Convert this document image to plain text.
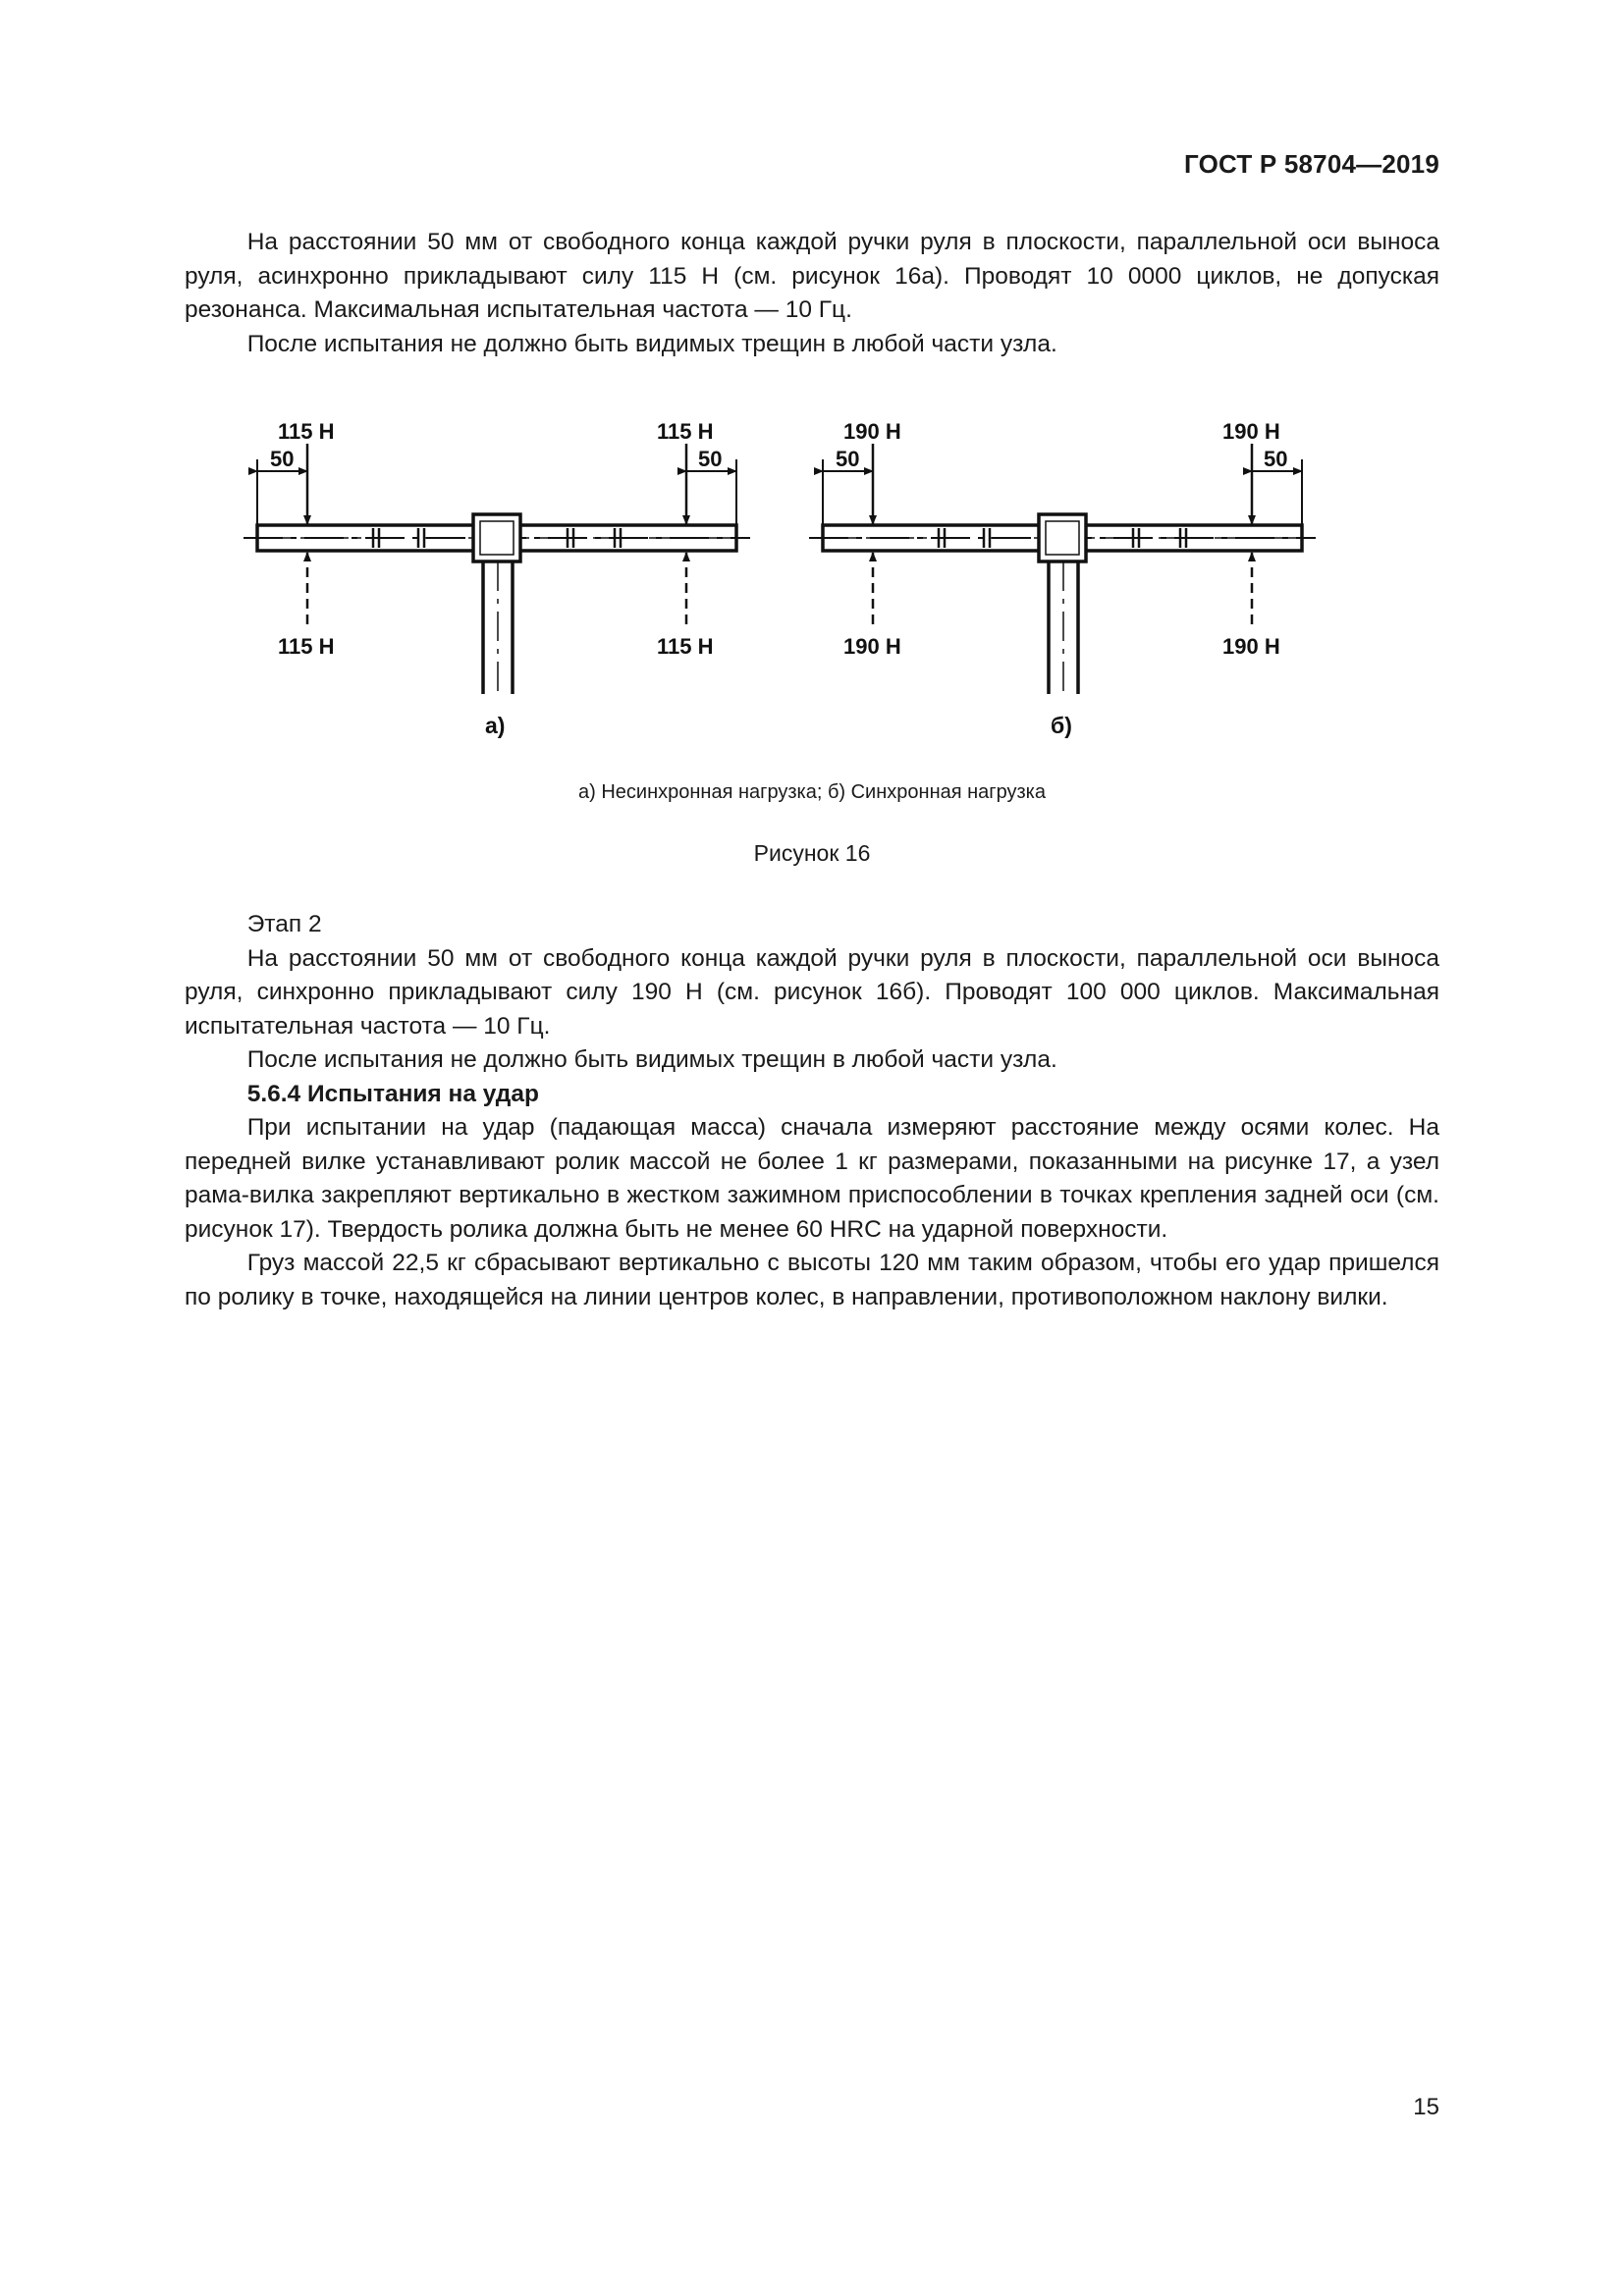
ГОСТ Р 58704—2019

На расстоянии 50 мм от свободного конца каждой ручки руля в плоскости, параллельной оси выноса руля, асинхронно прикладывают силу 115 Н (см. рисунок 16а). Проводят 10 0000 циклов, не допуская резонанса. Максимальная испытательная частота — 10 Гц.

После испытания не должно быть видимых трещин в любой части узла.

115 Н	115 Н
50	50
115 Н	115 Н
а)
190 Н	190 Н
50	50
190 Н	190 Н
б)
а) Несинхронная нагрузка; б) Синхронная нагрузка
Рисунок 16

Этап 2

На расстоянии 50 мм от свободного конца каждой ручки руля в плоскости, параллельной оси выноса руля, синхронно прикладывают силу 190 Н (см. рисунок 16б). Проводят 100 000 циклов. Максимальная испытательная частота — 10 Гц.

После испытания не должно быть видимых трещин в любой части узла.

5.6.4 Испытания на удар

При испытании на удар (падающая масса) сначала измеряют расстояние между осями колес. На передней вилке устанавливают ролик массой не более 1 кг размерами, показанными на рисунке 17, а узел рама-вилка закрепляют вертикально в жестком зажимном приспособлении в точках крепления задней оси (см. рисунок 17). Твердость ролика должна быть не менее 60 HRC на ударной поверхности.

Груз массой 22,5 кг сбрасывают вертикально с высоты 120 мм таким образом, чтобы его удар пришелся по ролику в точке, находящейся на линии центров колес, в направлении, противоположном наклону вилки.

15
